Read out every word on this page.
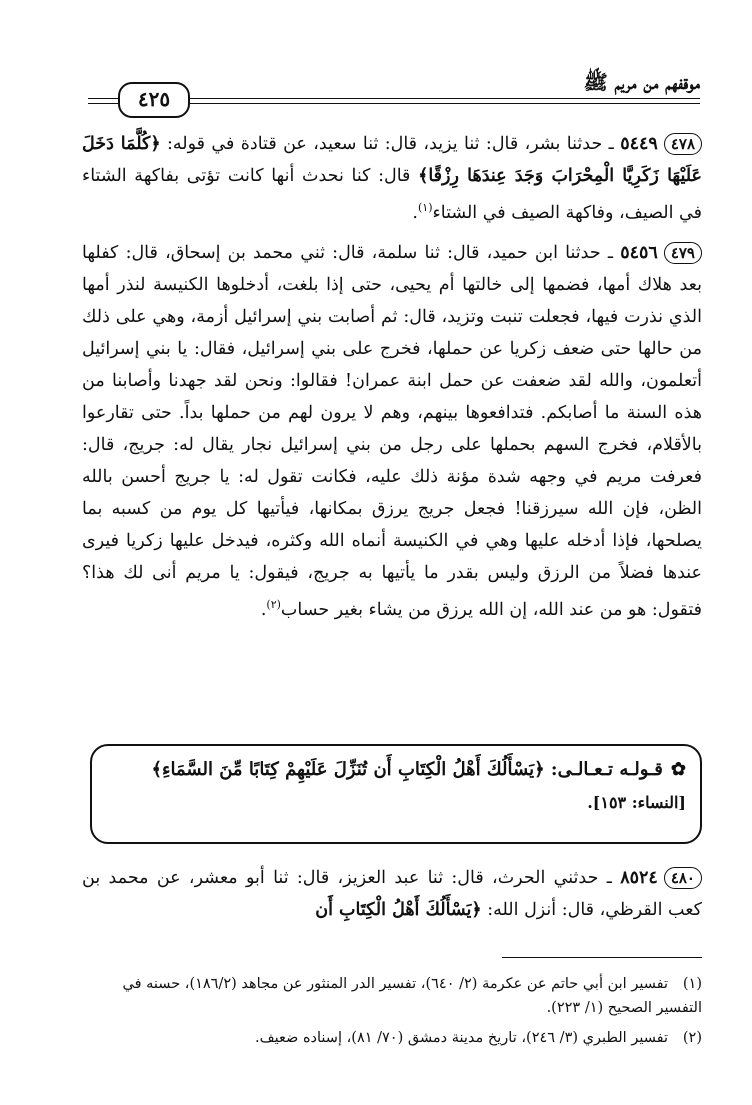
موقفهم من مريم ﷺ
٤٢٥

٤٧٨٥٤٤٩ ـ حدثنا بشر، قال: ثنا يزيد، قال: ثنا سعيد، عن قتادة في قوله: ﴿كُلَّمَا دَخَلَ عَلَيْهَا زَكَرِيَّا الْمِحْرَابَ وَجَدَ عِندَهَا رِزْقًا﴾ قال: كنا نحدث أنها كانت تؤتى بفاكهة الشتاء في الصيف، وفاكهة الصيف في الشتاء$^{(١)}$.

٤٧٩٥٤٥٦ ـ حدثنا ابن حميد، قال: ثنا سلمة، قال: ثني محمد بن إسحاق، قال: كفلها بعد هلاك أمها، فضمها إلى خالتها أم يحيى، حتى إذا بلغت، أدخلوها الكنيسة لنذر أمها الذي نذرت فيها، فجعلت تنبت وتزيد، قال: ثم أصابت بني إسرائيل أزمة، وهي على ذلك من حالها حتى ضعف زكريا عن حملها، فخرج على بني إسرائيل، فقال: يا بني إسرائيل أتعلمون، والله لقد ضعفت عن حمل ابنة عمران! فقالوا: ونحن لقد جهدنا وأصابنا من هذه السنة ما أصابكم. فتدافعوها بينهم، وهم لا يرون لهم من حملها بداً. حتى تقارعوا بالأقلام، فخرج السهم بحملها على رجل من بني إسرائيل نجار يقال له: جريج، قال: فعرفت مريم في وجهه شدة مؤنة ذلك عليه، فكانت تقول له: يا جريج أحسن بالله الظن، فإن الله سيرزقنا! فجعل جريج يرزق بمكانها، فيأتيها كل يوم من كسبه بما يصلحها، فإذا أدخله عليها وهي في الكنيسة أنماه الله وكثره، فيدخل عليها زكريا فيرى عندها فضلاً من الرزق وليس بقدر ما يأتيها به جريج، فيقول: يا مريم أنى لك هذا؟ فتقول: هو من عند الله، إن الله يرزق من يشاء بغير حساب$^{(٢)}$.

✿قـولـه تـعـالـى: ﴿يَسْأَلُكَ أَهْلُ الْكِتَابِ أَن تُنَزِّلَ عَلَيْهِمْ كِتَابًا مِّنَ السَّمَاءِ﴾
[النساء: ١٥٣].

٤٨٠٨٥٢٤ ـ حدثني الحرث، قال: ثنا عبد العزيز، قال: ثنا أبو معشر، عن محمد بن كعب القرظي، قال: أنزل الله: ﴿يَسْأَلُكَ أَهْلُ الْكِتَابِ أَن

(١)تفسير ابن أبي حاتم عن عكرمة (٢/ ٦٤٠)، تفسير الدر المنثور عن مجاهد (١٨٦/٢)، حسنه في التفسير الصحيح (١/ ٢٢٣).

(٢)تفسير الطبري (٣/ ٢٤٦)، تاريخ مدينة دمشق (٧٠/ ٨١)، إسناده ضعيف.
